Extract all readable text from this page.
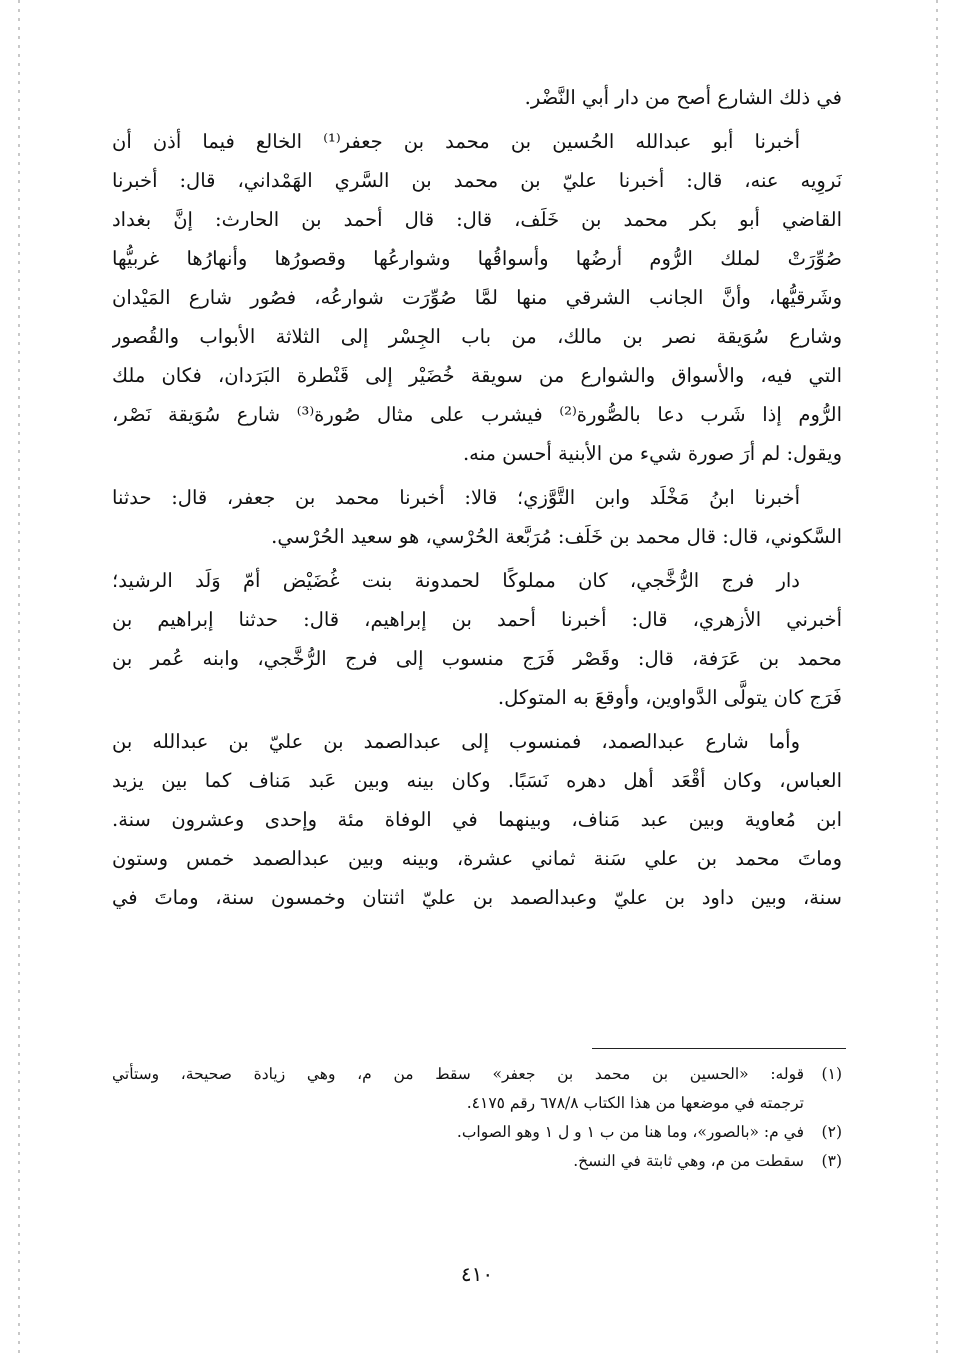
في ذلك الشارع أصح من دار أبي النَّضْر.
أخبرنا أبو عبدالله الحُسين بن محمد بن جعفر⁽¹⁾ الخالع فيما أذن أن
نَروِيه عنه، قال: أخبرنا عليّ بن محمد بن السَّري الهَمْداني، قال: أخبرنا
القاضي أبو بكر محمد بن خَلَف، قال: قال أحمد بن الحارث: إنَّ بغداد
صُوِّرَتْ لملك الرُّوم أرضُها وأسواقُها وشوارعُها وقصورُها وأنهارُها غربيُّها
وشَرقيُّها، وأنَّ الجانب الشرقي منها لمَّا صُوِّرَت شوارعُه، فصُور شارع المَيْدان
وشارع سُوَيقة نصر بن مالك، من باب الجِسْر إلى الثلاثة الأبواب والقُصور
التي فيه، والأسواق والشوارع من سويقة خُضَيْر إلى قَنْطرة البَرَدان، فكان ملك
الرُّوم إذا شَرب دعا بالصُّورة⁽²⁾ فيشرب على مثال صُورة⁽³⁾ شارع سُوَيقة نَصْر،
ويقول: لم أرَ صورة شيء من الأبنية أحسن منه.
أخبرنا ابنُ مَخْلَد وابن التَّوَّزي؛ قالا: أخبرنا محمد بن جعفر، قال: حدثنا
السَّكوني، قال: قال محمد بن خَلَف: مُرَبَّعة الحُرْسي، هو سعيد الحُرْسي.
دار فرج الرُّخَّجي، كان مملوكًا لحمدونة بنت غُضَيْض أمّ وَلَد الرشيد؛
أخبرني الأزهري، قال: أخبرنا أحمد بن إبراهيم، قال: حدثنا إبراهيم بن
محمد بن عَرَفة، قال: وقَصْر فَرَج منسوب إلى فرج الرُّخَّجي، وابنه عُمر بن
فَرَج كان يتولَّى الدَّواوين، وأوقعَ به المتوكل.
وأما شارع عبدالصمد، فمنسوب إلى عبدالصمد بن عليّ بن عبدالله بن
العباس، وكان أقْعَد أهل دهره نَسَبًا. وكان بينه وبين عَبد مَناف كما بين يزيد
ابن مُعاوية وبين عبد مَناف، وبينهما في الوفاة مئة وإحدى وعشرون سنة.
وماتَ محمد بن علي سَنة ثماني عشرة، وبينه وبين عبدالصمد خمس وستون
سنة، وبين داود بن عليّ وعبدالصمد بن عليّ اثنتان وخمسون سنة، وماتَ في
(١)
قوله: «الحسين بن محمد بن جعفر» سقط من م، وهي زيادة صحيحة، وستأتي
ترجمته في موضعها من هذا الكتاب ٦٧٨/٨ رقم ٤١٧٥.
(٢)
في م: «بالصور»، وما هنا من ب ١ و ل ١ وهو الصواب.
(٣)
سقطت من م، وهي ثابتة في النسخ.
٤١٠
